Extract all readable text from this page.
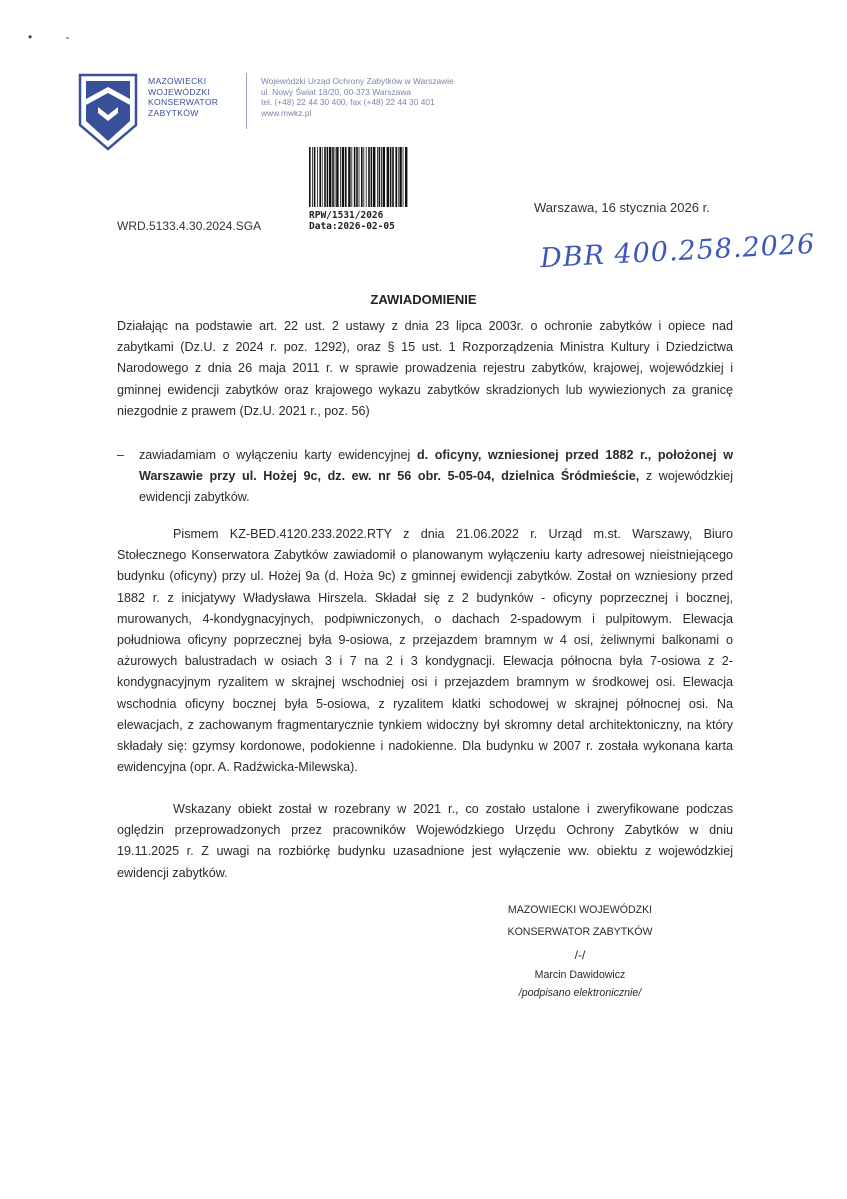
•          -
MAZOWIECKI
WOJEWÓDZKI
KONSERWATOR
ZABYTKÓW
Wojewódzki Urząd Ochrony Zabytków w Warszawie
ul. Nowy Świat 18/20, 00-373 Warszawa
tel. (+48) 22 44 30 400, fax (+48) 22 44 30 401
www.mwkz.pl
RPW/1531/2026
Data:2026-02-05
WRD.5133.4.30.2024.SGA
Warszawa, 16 stycznia 2026 r.
DBR 400.258.2026
ZAWIADOMIENIE
Działając na podstawie art. 22 ust. 2 ustawy z dnia 23 lipca 2003r. o ochronie zabytków i opiece nad zabytkami (Dz.U. z 2024 r. poz. 1292), oraz § 15 ust. 1 Rozporządzenia Ministra Kultury i Dziedzictwa Narodowego z dnia 26 maja 2011 r. w sprawie prowadzenia rejestru zabytków, krajowej, wojewódzkiej i gminnej ewidencji zabytków oraz krajowego wykazu zabytków skradzionych lub wywiezionych za granicę niezgodnie z prawem (Dz.U. 2021 r., poz. 56)
– zawiadamiam o wyłączeniu karty ewidencyjnej d. oficyny, wzniesionej przed 1882 r., położonej w Warszawie przy ul. Hożej 9c, dz. ew. nr 56 obr. 5-05-04, dzielnica Śródmieście, z wojewódzkiej ewidencji zabytków.
Pismem KZ-BED.4120.233.2022.RTY z dnia 21.06.2022 r. Urząd m.st. Warszawy, Biuro Stołecznego Konserwatora Zabytków zawiadomił o planowanym wyłączeniu karty adresowej nieistniejącego budynku (oficyny) przy ul. Hożej 9a (d. Hoża 9c) z gminnej ewidencji zabytków. Został on wzniesiony przed 1882 r. z inicjatywy Władysława Hirszela. Składał się z 2 budynków - oficyny poprzecznej i bocznej, murowanych, 4-kondygnacyjnych, podpiwniczonych, o dachach 2-spadowym i pulpitowym. Elewacja południowa oficyny poprzecznej była 9-osiowa, z przejazdem bramnym w 4 osi, żeliwnymi balkonami o ażurowych balustradach w osiach 3 i 7 na 2 i 3 kondygnacji. Elewacja północna była 7-osiowa z 2-kondygnacyjnym ryzalitem w skrajnej wschodniej osi i przejazdem bramnym w środkowej osi. Elewacja wschodnia oficyny bocznej była 5-osiowa, z ryzalitem klatki schodowej w skrajnej północnej osi. Na elewacjach, z zachowanym fragmentarycznie tynkiem widoczny był skromny detal architektoniczny, na który składały się: gzymsy kordonowe, podokienne i nadokienne. Dla budynku w 2007 r. została wykonana karta ewidencyjna (opr. A. Radźwicka-Milewska).
Wskazany obiekt został w rozebrany w 2021 r., co zostało ustalone i zweryfikowane podczas oględzin przeprowadzonych przez pracowników Wojewódzkiego Urzędu Ochrony Zabytków w dniu 19.11.2025 r. Z uwagi na rozbiórkę budynku uzasadnione jest wyłączenie ww. obiektu z wojewódzkiej ewidencji zabytków.
MAZOWIECKI WOJEWÓDZKI
KONSERWATOR ZABYTKÓW
/-/
Marcin Dawidowicz
/podpisano elektronicznie/
